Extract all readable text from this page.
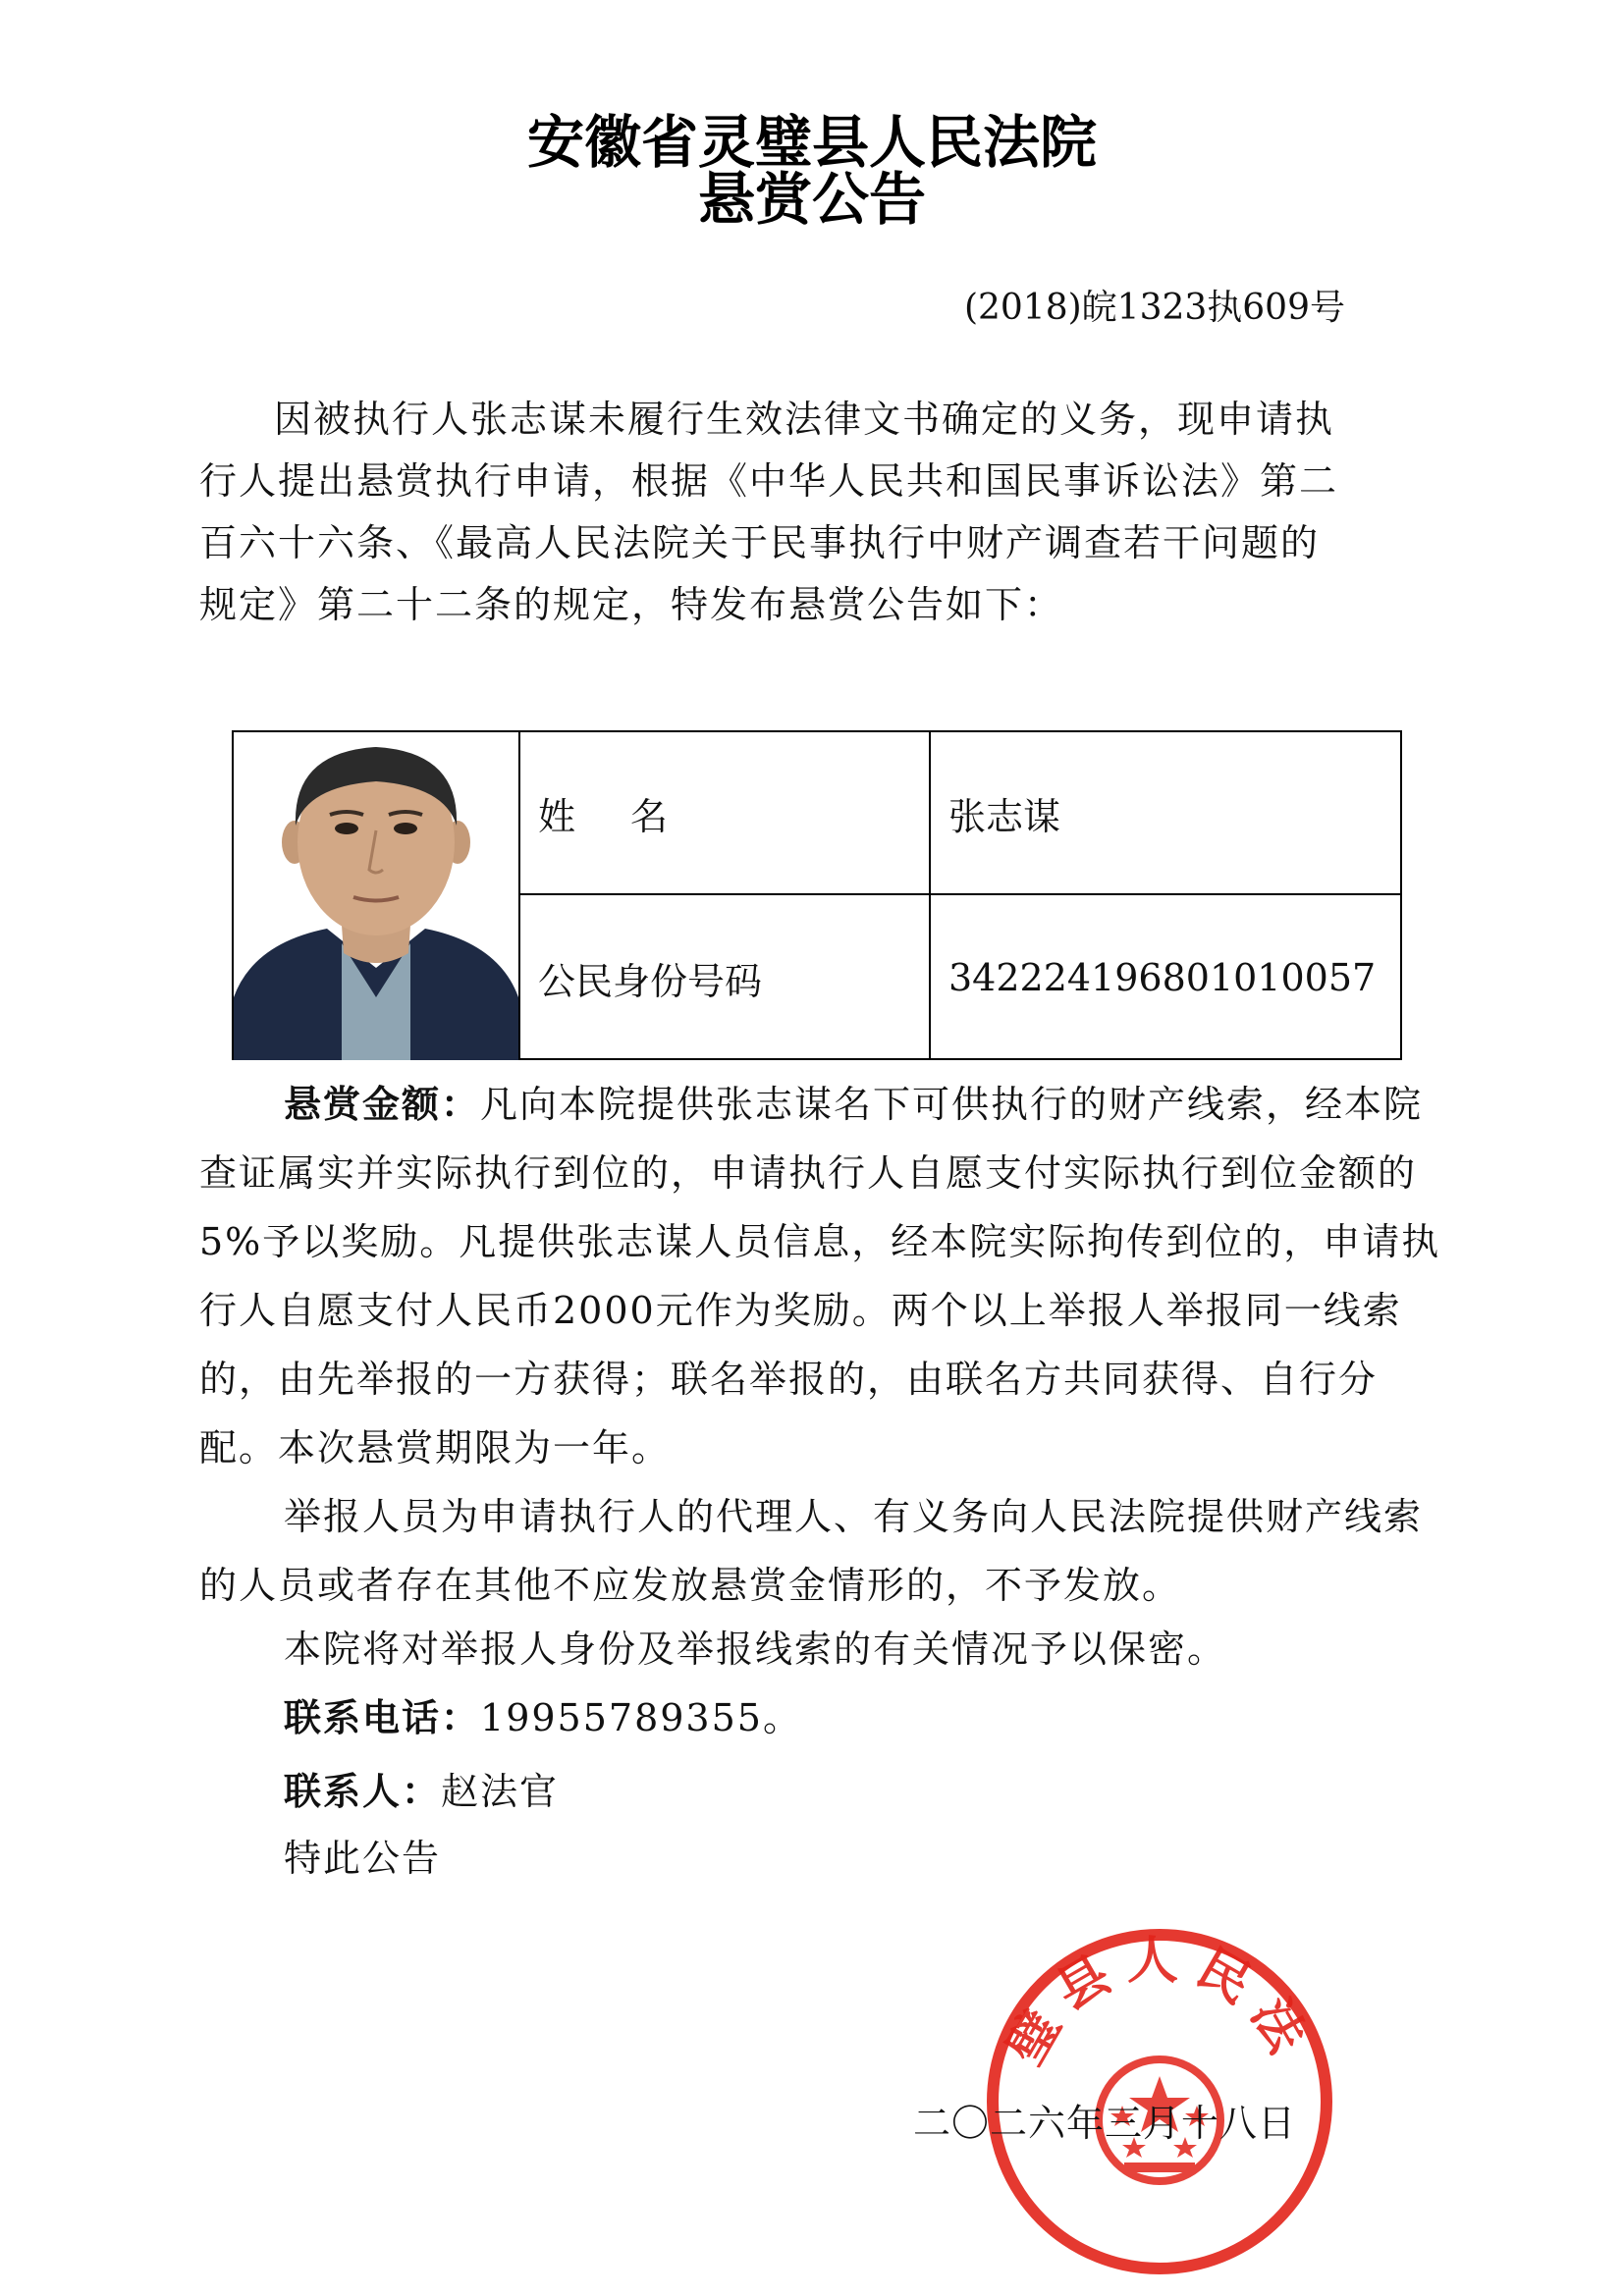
安徽省灵璧县人民法院
悬赏公告
(2018)皖1323执609号

因被执行人张志谋未履行生效法律文书确定的义务，现申请执行人提出悬赏执行申请，根据《中华人民共和国民事诉讼法》第二百六十六条、《最高人民法院关于民事执行中财产调查若干问题的规定》第二十二条的规定，特发布悬赏公告如下：

姓名	张志谋
公民身份号码	342224196801010057

悬赏金额：凡向本院提供张志谋名下可供执行的财产线索，经本院查证属实并实际执行到位的，申请执行人自愿支付实际执行到位金额的5%予以奖励。凡提供张志谋人员信息，经本院实际拘传到位的，申请执行人自愿支付人民币2000元作为奖励。两个以上举报人举报同一线索的，由先举报的一方获得；联名举报的，由联名方共同获得、自行分配。本次悬赏期限为一年。

举报人员为申请执行人的代理人、有义务向人民法院提供财产线索的人员或者存在其他不应发放悬赏金情形的，不予发放。

本院将对举报人身份及举报线索的有关情况予以保密。
联系电话：19955789355。
联系人：赵法官
特此公告
璧县人民法
二〇二六年三月十八日
